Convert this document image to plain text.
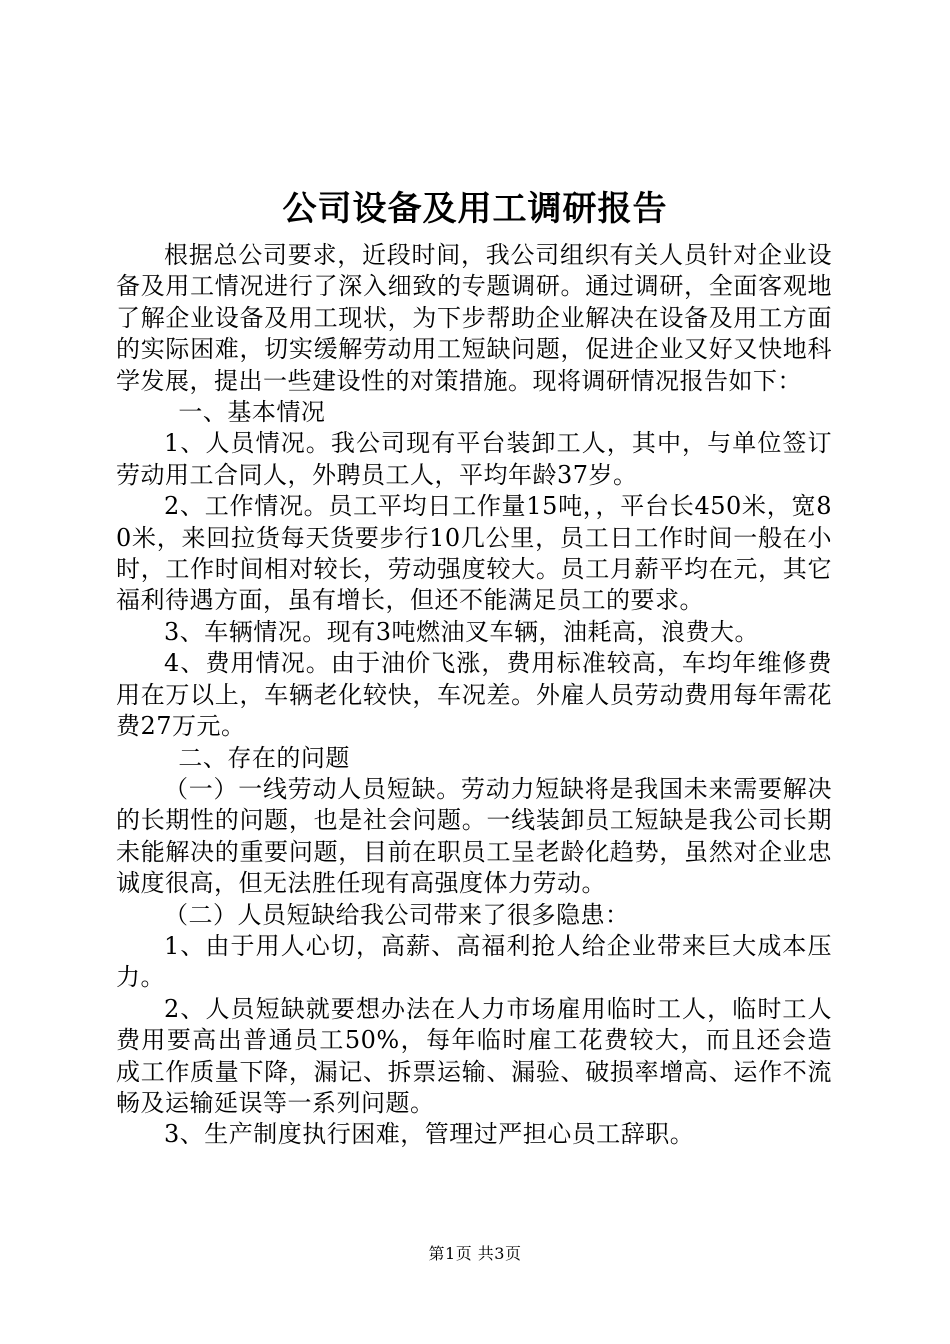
公司设备及用工调研报告

根据总公司要求，近段时间，我公司组织有关人员针对企业设备及用工情况进行了深入细致的专题调研。通过调研，全面客观地了解企业设备及用工现状，为下步帮助企业解决在设备及用工方面的实际困难，切实缓解劳动用工短缺问题，促进企业又好又快地科学发展，提出一些建设性的对策措施。现将调研情况报告如下：

一、基本情况

1、人员情况。我公司现有平台装卸工人，其中，与单位签订劳动用工合同人，外聘员工人，平均年龄37岁。

2、工作情况。员工平均日工作量15吨，，平台长450米，宽80米，来回拉货每天货要步行10几公里，员工日工作时间一般在小时，工作时间相对较长，劳动强度较大。员工月薪平均在元，其它福利待遇方面，虽有增长，但还不能满足员工的要求。

3、车辆情况。现有3吨燃油叉车辆，油耗高，浪费大。

4、费用情况。由于油价飞涨，费用标准较高，车均年维修费用在万以上，车辆老化较快，车况差。外雇人员劳动费用每年需花费27万元。

二、存在的问题

（一）一线劳动人员短缺。劳动力短缺将是我国未来需要解决的长期性的问题，也是社会问题。一线装卸员工短缺是我公司长期未能解决的重要问题，目前在职员工呈老龄化趋势，虽然对企业忠诚度很高，但无法胜任现有高强度体力劳动。

（二）人员短缺给我公司带来了很多隐患：

1、由于用人心切，高薪、高福利抢人给企业带来巨大成本压力。

2、人员短缺就要想办法在人力市场雇用临时工人，临时工人费用要高出普通员工50%，每年临时雇工花费较大，而且还会造成工作质量下降，漏记、拆票运输、漏验、破损率增高、运作不流畅及运输延误等一系列问题。

3、生产制度执行困难，管理过严担心员工辞职。

第1页 共3页
